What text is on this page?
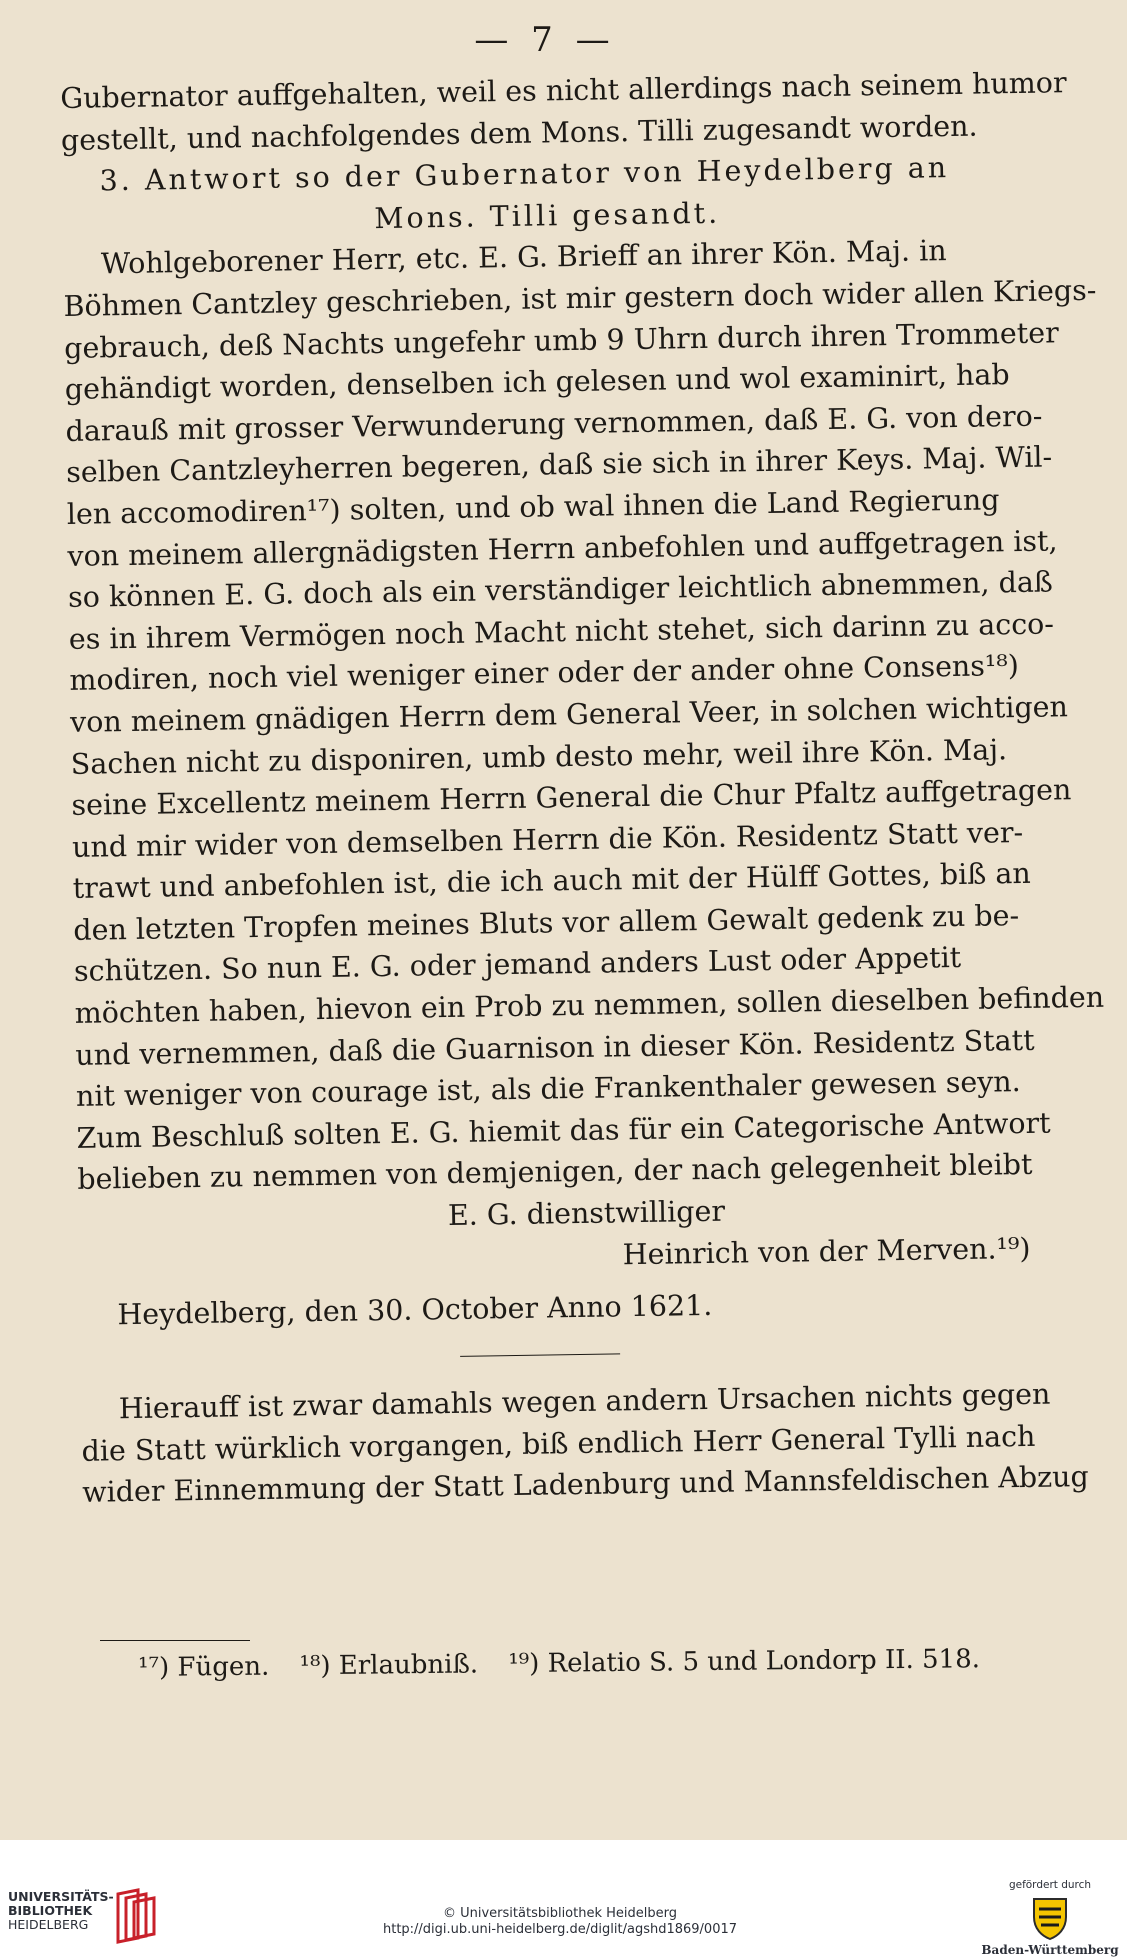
— 7 —
Gubernator auffgehalten, weil es nicht allerdings nach seinem humor
gestellt, und nachfolgendes dem Mons. Tilli zugesandt worden.
3. Antwort so der Gubernator von Heydelberg an
Mons. Tilli gesandt.
Wohlgeborener Herr, etc. E. G. Brieff an ihrer Kön. Maj. in
Böhmen Cantzley geschrieben, ist mir gestern doch wider allen Kriegs-
gebrauch, deß Nachts ungefehr umb 9 Uhrn durch ihren Trommeter
gehändigt worden, denselben ich gelesen und wol examinirt, hab
darauß mit grosser Verwunderung vernommen, daß E. G. von dero-
selben Cantzleyherren begeren, daß sie sich in ihrer Keys. Maj. Wil-
len accomodiren¹⁷) solten, und ob wal ihnen die Land Regierung
von meinem allergnädigsten Herrn anbefohlen und auffgetragen ist,
so können E. G. doch als ein verständiger leichtlich abnemmen, daß
es in ihrem Vermögen noch Macht nicht stehet, sich darinn zu acco-
modiren, noch viel weniger einer oder der ander ohne Consens¹⁸)
von meinem gnädigen Herrn dem General Veer, in solchen wichtigen
Sachen nicht zu disponiren, umb desto mehr, weil ihre Kön. Maj.
seine Excellentz meinem Herrn General die Chur Pfaltz auffgetragen
und mir wider von demselben Herrn die Kön. Residentz Statt ver-
trawt und anbefohlen ist, die ich auch mit der Hülff Gottes, biß an
den letzten Tropfen meines Bluts vor allem Gewalt gedenk zu be-
schützen. So nun E. G. oder jemand anders Lust oder Appetit
möchten haben, hievon ein Prob zu nemmen, sollen dieselben befinden
und vernemmen, daß die Guarnison in dieser Kön. Residentz Statt
nit weniger von courage ist, als die Frankenthaler gewesen seyn.
Zum Beschluß solten E. G. hiemit das für ein Categorische Antwort
belieben zu nemmen von demjenigen, der nach gelegenheit bleibt
E. G. dienstwilliger
Heinrich von der Merven.¹⁹)
Heydelberg, den 30. October Anno 1621.
Hierauff ist zwar damahls wegen andern Ursachen nichts gegen
die Statt würklich vorgangen, biß endlich Herr General Tylli nach
wider Einnemmung der Statt Ladenburg und Mannsfeldischen Abzug
¹⁷) Fügen. ¹⁸) Erlaubniß. ¹⁹) Relatio S. 5 und Londorp II. 518.
UNIVERSITÄTS-
BIBLIOTHEK
HEIDELBERG
© Universitätsbibliothek Heidelberg
http://digi.ub.uni-heidelberg.de/diglit/agshd1869/0017
gefördert durch
Baden-Württemberg
